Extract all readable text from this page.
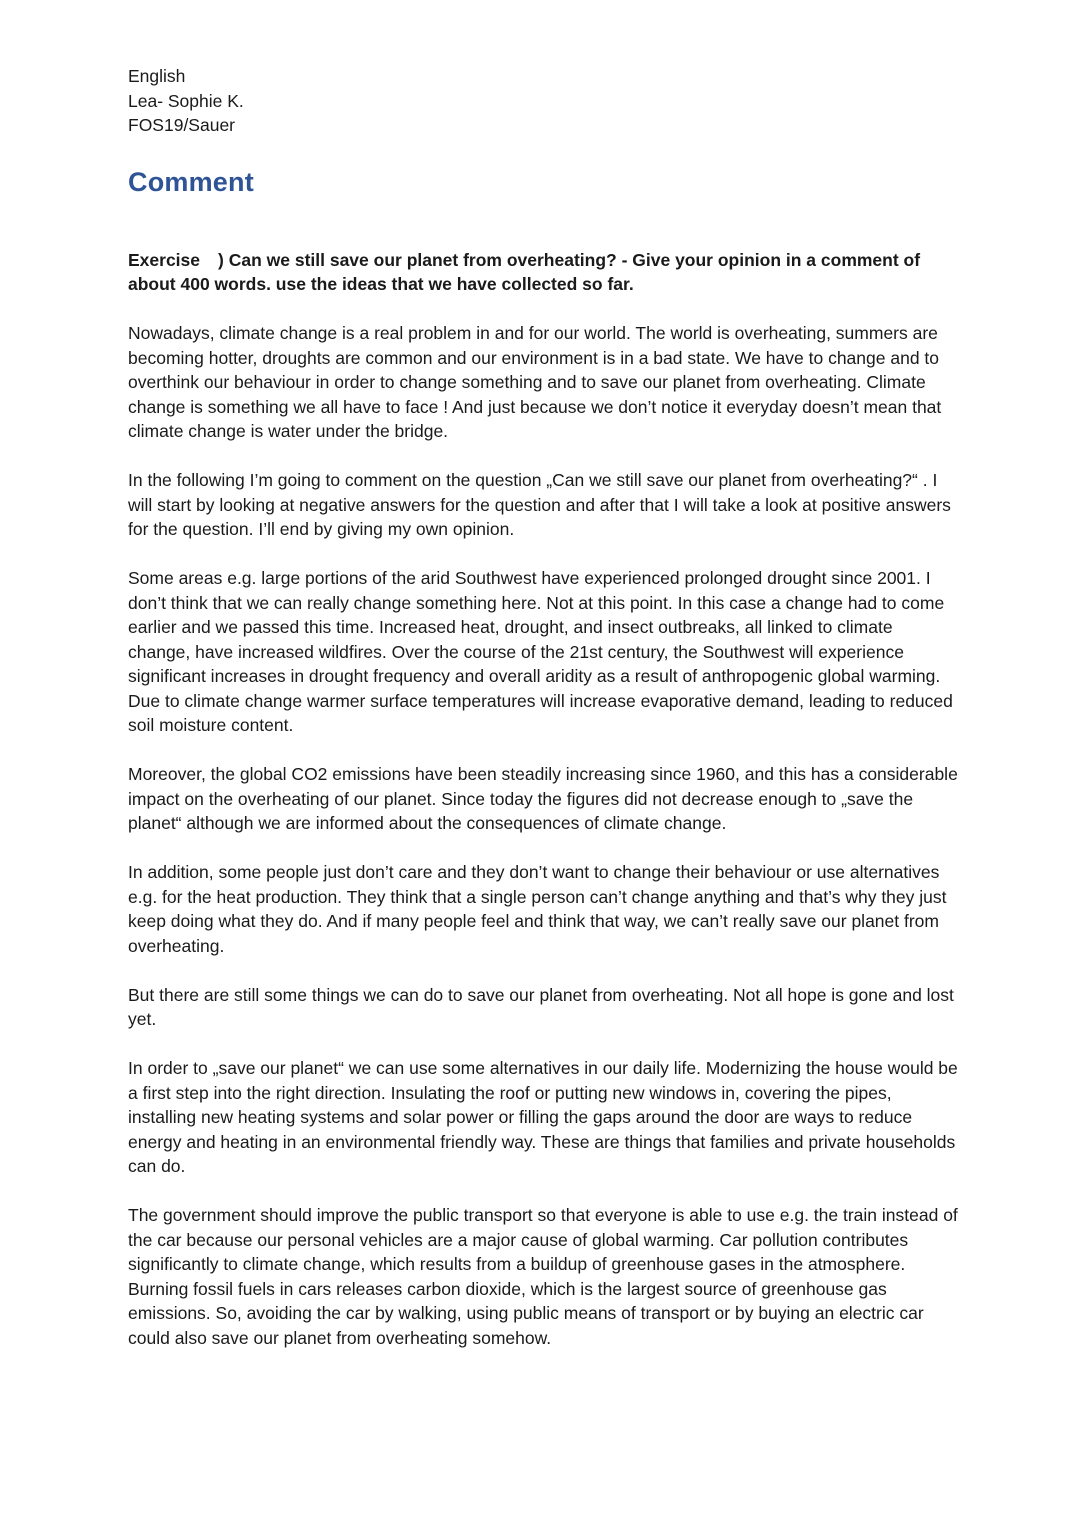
English

Lea- Sophie K.

FOS19/Sauer

Comment

Exercise ) Can we still save our planet from overheating? - Give your opinion in a comment of about 400 words. use the ideas that we have collected so far.

Nowadays, climate change is a real problem in and for our world. The world is overheating, summers are becoming hotter, droughts are common and our environment is in a bad state. We have to change and to overthink our behaviour in order to change something and to save our planet from overheating. Climate change is something we all have to face ! And just because we don’t notice it everyday doesn’t mean that climate change is water under the bridge.

In the following I’m going to comment on the question „Can we still save our planet from overheating?“ . I will start by looking at negative answers for the question and after that I will take a look at positive answers for the question. I’ll end by giving my own opinion.

Some areas e.g. large portions of the arid Southwest have experienced prolonged drought since 2001. I don’t think that we can really change something here. Not at this point. In this case a change had to come earlier and we passed this time. Increased heat, drought, and insect outbreaks, all linked to climate change, have increased wildfires. Over the course of the 21st century, the Southwest will experience significant increases in drought frequency and overall aridity as a result of anthropogenic global warming. Due to climate change warmer surface temperatures will increase evaporative demand, leading to reduced soil moisture content.

Moreover, the global CO2 emissions have been steadily increasing since 1960, and this has a considerable impact on the overheating of our planet. Since today the figures did not decrease enough to „save the planet“ although we are informed about the consequences of climate change.

In addition, some people just don’t care and they don’t want to change their behaviour or use alternatives e.g. for the heat production. They think that a single person can’t change anything and that’s why they just keep doing what they do. And if many people feel and think that way, we can’t really save our planet from overheating.

But there are still some things we can do to save our planet from overheating. Not all hope is gone and lost yet.

In order to „save our planet“ we can use some alternatives in our daily life. Modernizing the house would be a first step into the right direction. Insulating the roof or putting new windows in, covering the pipes, installing new heating systems and solar power or filling the gaps around the door are ways to reduce energy and heating in an environmental friendly way. These are things that families and private households can do.

The government should improve the public transport so that everyone is able to use e.g. the train instead of the car because our personal vehicles are a major cause of global warming. Car pollution contributes significantly to climate change, which results from a buildup of greenhouse gases in the atmosphere. Burning fossil fuels in cars releases carbon dioxide, which is the largest source of greenhouse gas emissions. So, avoiding the car by walking, using public means of transport or by buying an electric car could also save our planet from overheating somehow.
